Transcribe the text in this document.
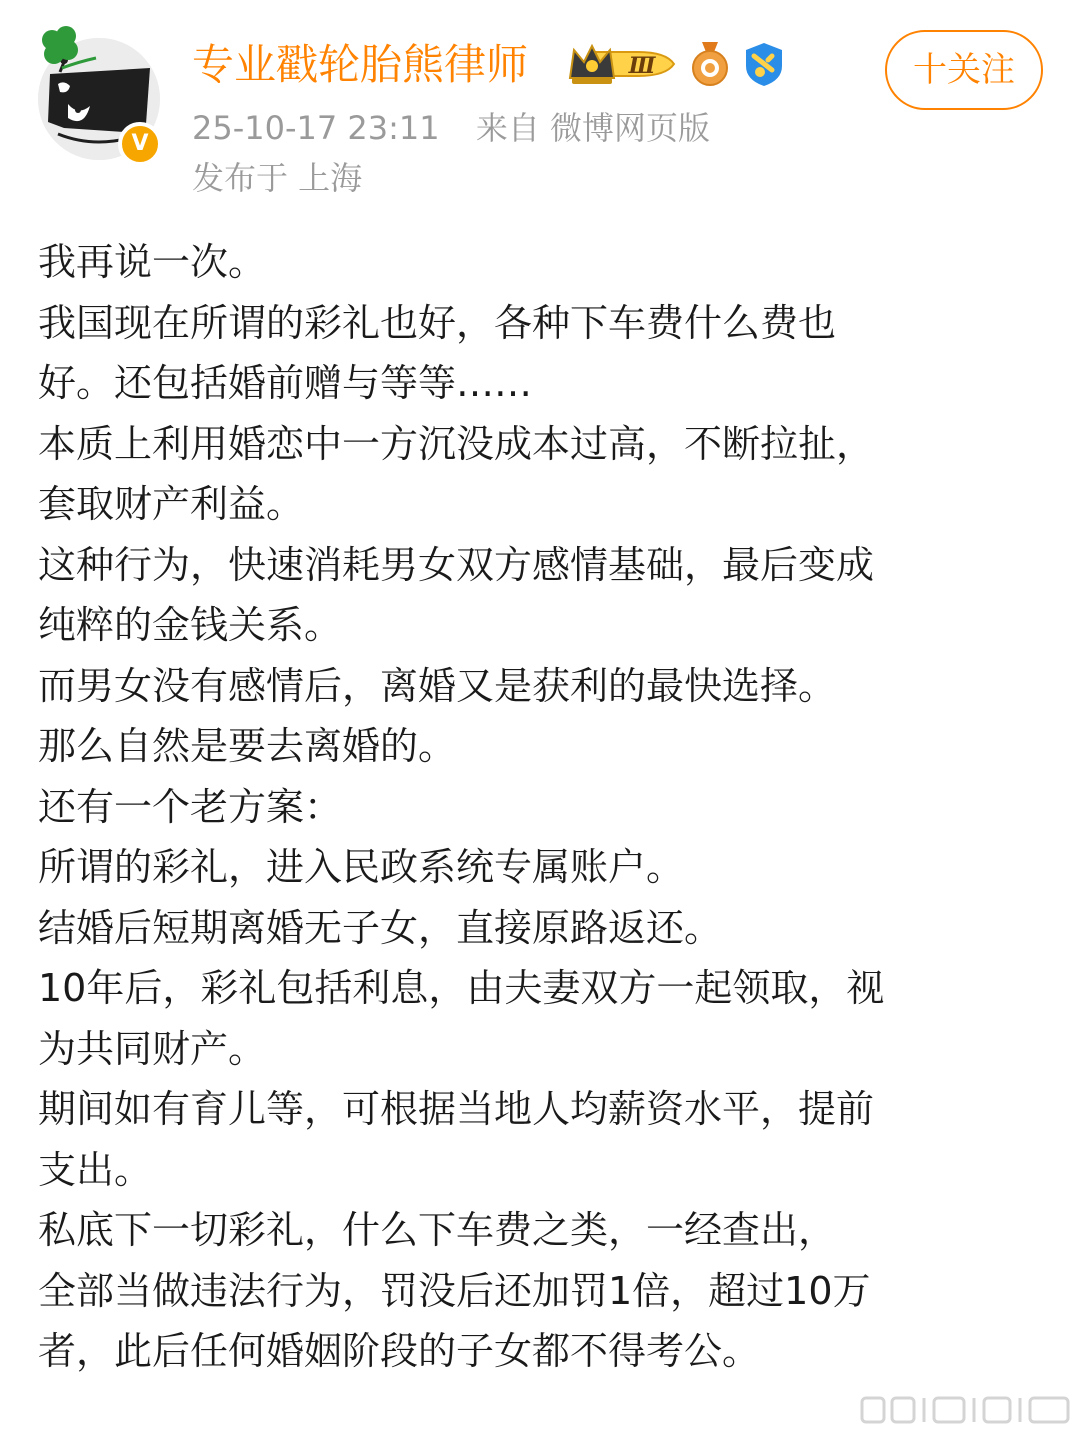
V
专业戳轮胎熊律师	Ⅲ
25-10-17 23:11 来自 微博网页版
发布于 上海
十关注
我再说一次。
我国现在所谓的彩礼也好，各种下车费什么费也
好。还包括婚前赠与等等……
本质上利用婚恋中一方沉没成本过高，不断拉扯，
套取财产利益。
这种行为，快速消耗男女双方感情基础，最后变成
纯粹的金钱关系。
而男女没有感情后，离婚又是获利的最快选择。
那么自然是要去离婚的。
还有一个老方案：
所谓的彩礼，进入民政系统专属账户。
结婚后短期离婚无子女，直接原路返还。
10年后，彩礼包括利息，由夫妻双方一起领取，视
为共同财产。
期间如有育儿等，可根据当地人均薪资水平，提前
支出。
私底下一切彩礼，什么下车费之类，一经查出，
全部当做违法行为，罚没后还加罚1倍，超过10万
者，此后任何婚姻阶段的子女都不得考公。
